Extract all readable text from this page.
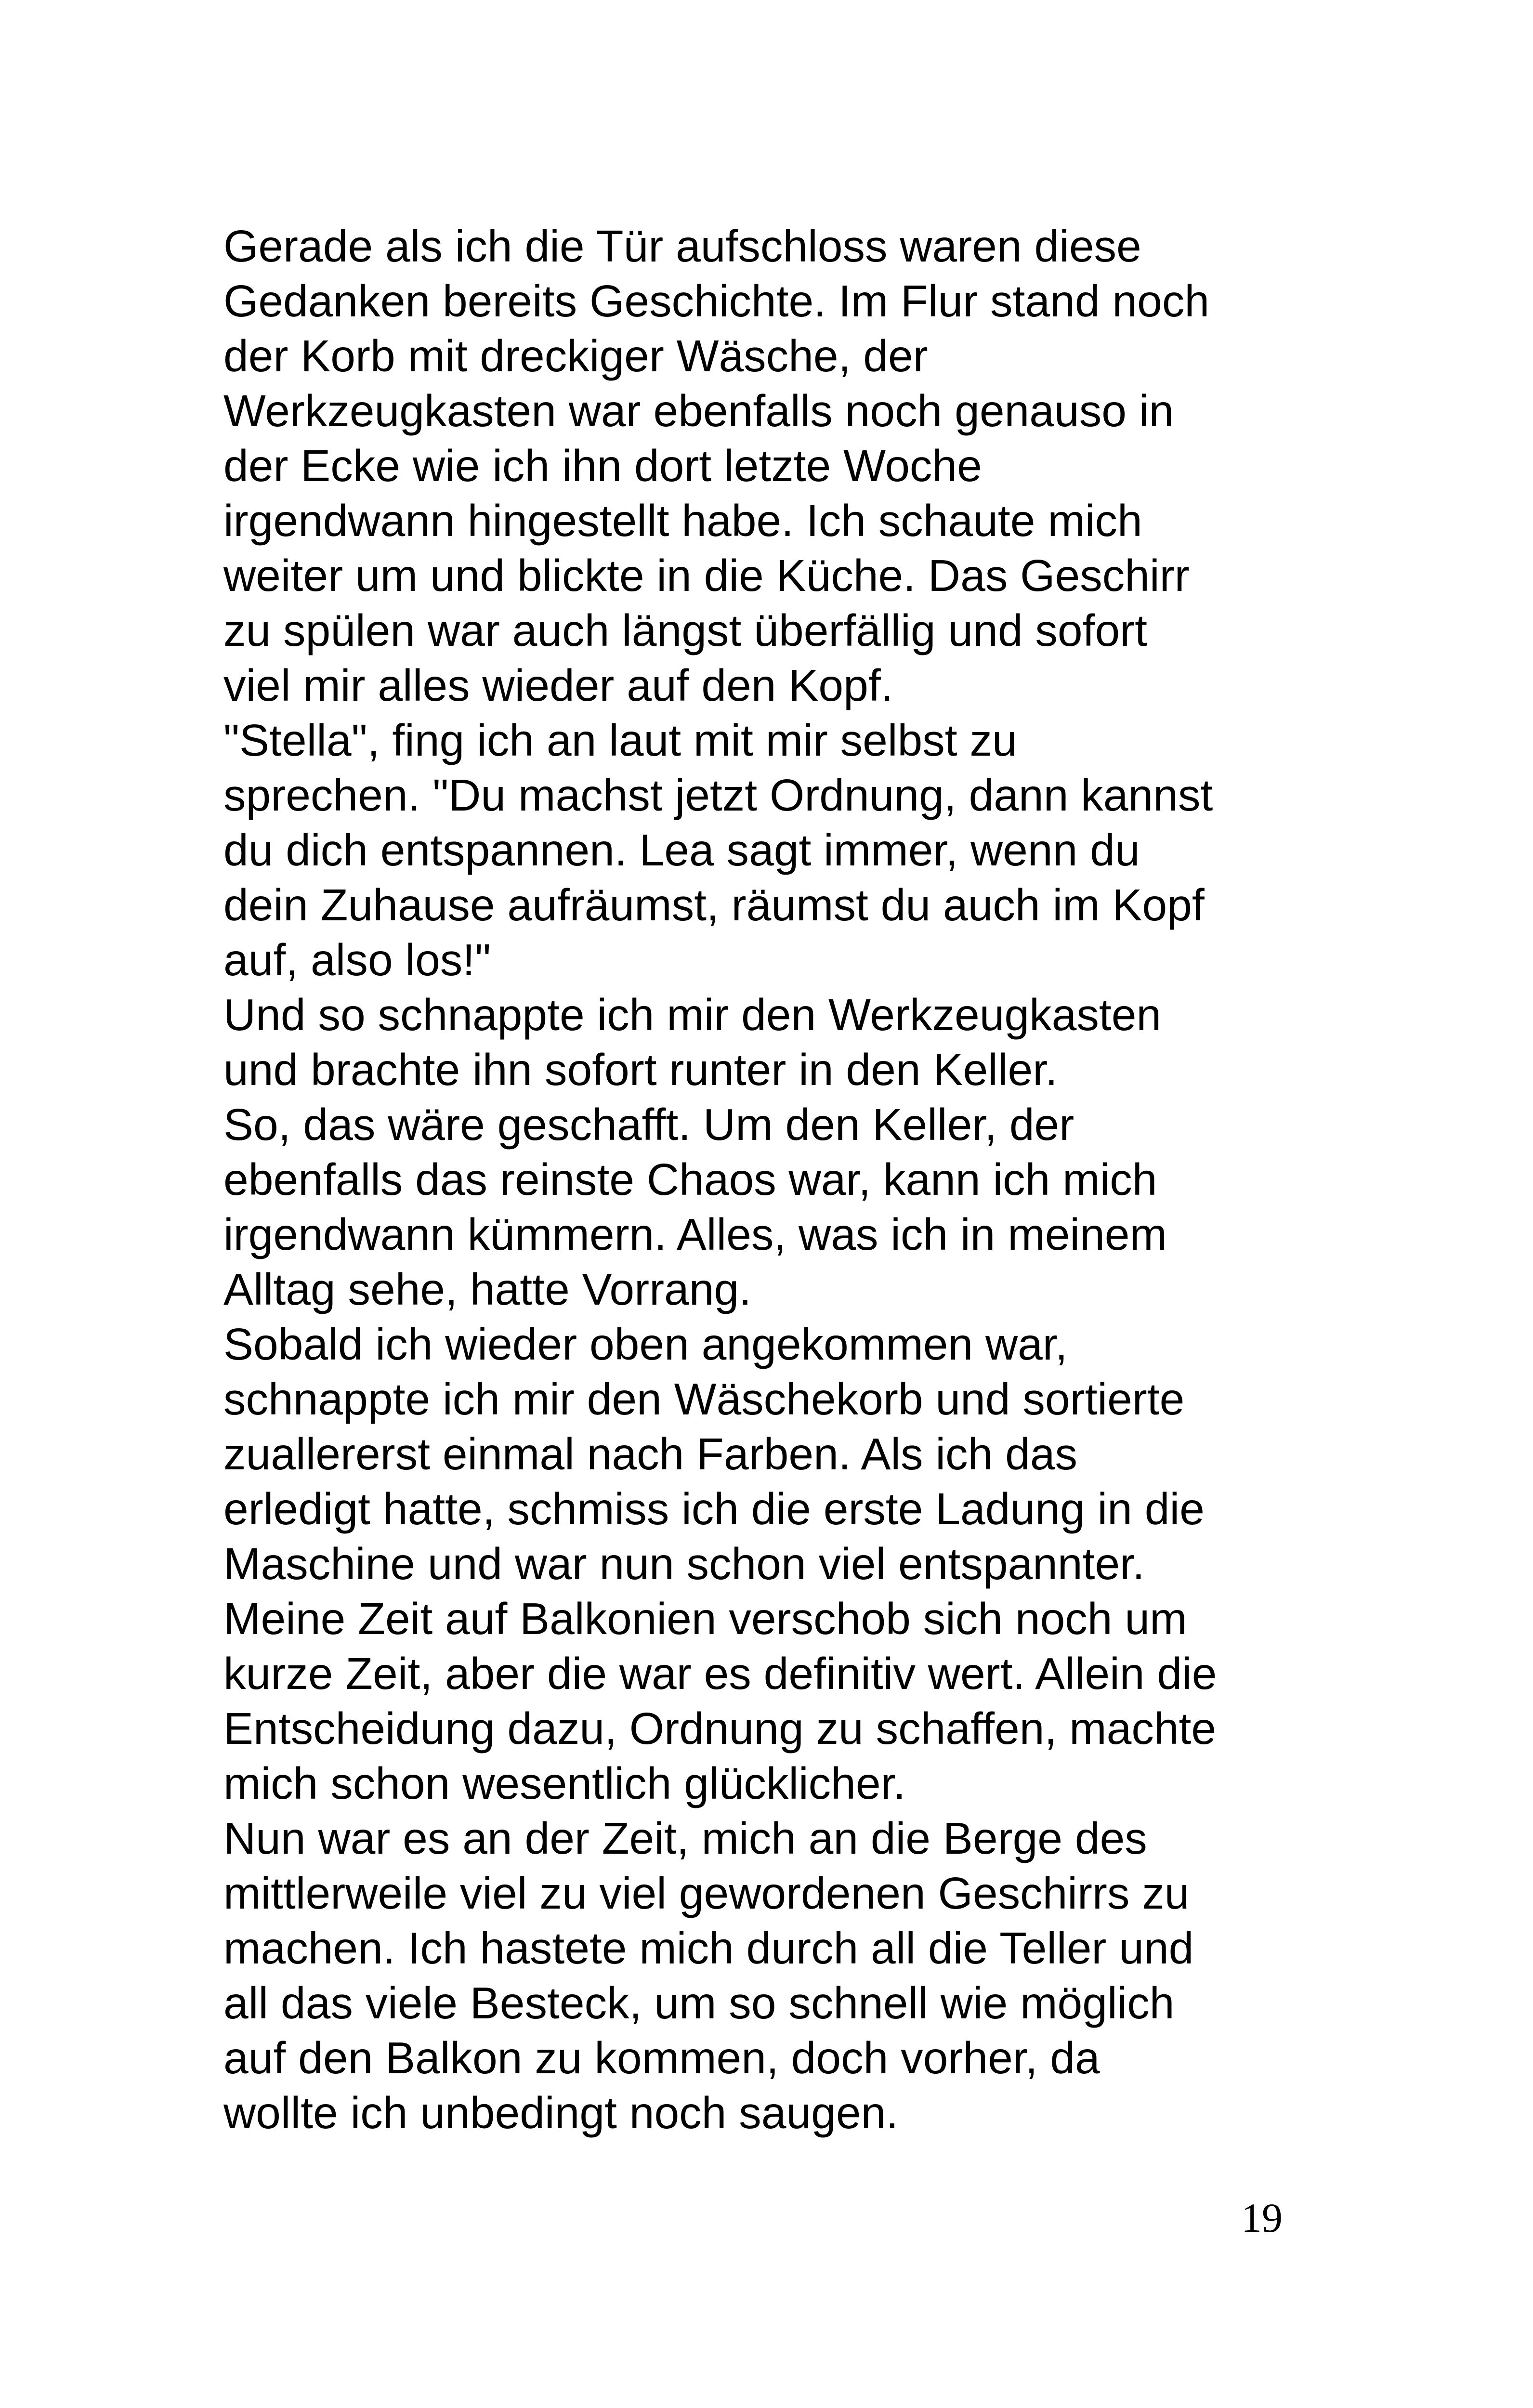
Gerade als ich die Tür aufschloss waren diese
Gedanken bereits Geschichte. Im Flur stand noch
der Korb mit dreckiger Wäsche, der
Werkzeugkasten war ebenfalls noch genauso in
der Ecke wie ich ihn dort letzte Woche
irgendwann hingestellt habe. Ich schaute mich
weiter um und blickte in die Küche. Das Geschirr
zu spülen war auch längst überfällig und sofort
viel mir alles wieder auf den Kopf.
"Stella", fing ich an laut mit mir selbst zu
sprechen. "Du machst jetzt Ordnung, dann kannst
du dich entspannen. Lea sagt immer, wenn du
dein Zuhause aufräumst, räumst du auch im Kopf
auf, also los!"
Und so schnappte ich mir den Werkzeugkasten
und brachte ihn sofort runter in den Keller.
So, das wäre geschafft. Um den Keller, der
ebenfalls das reinste Chaos war, kann ich mich
irgendwann kümmern. Alles, was ich in meinem
Alltag sehe, hatte Vorrang.
Sobald ich wieder oben angekommen war,
schnappte ich mir den Wäschekorb und sortierte
zuallererst einmal nach Farben. Als ich das
erledigt hatte, schmiss ich die erste Ladung in die
Maschine und war nun schon viel entspannter.
Meine Zeit auf Balkonien verschob sich noch um
kurze Zeit, aber die war es definitiv wert. Allein die
Entscheidung dazu, Ordnung zu schaffen, machte
mich schon wesentlich glücklicher.
Nun war es an der Zeit, mich an die Berge des
mittlerweile viel zu viel gewordenen Geschirrs zu
machen. Ich hastete mich durch all die Teller und
all das viele Besteck, um so schnell wie möglich
auf den Balkon zu kommen, doch vorher, da
wollte ich unbedingt noch saugen.
19
